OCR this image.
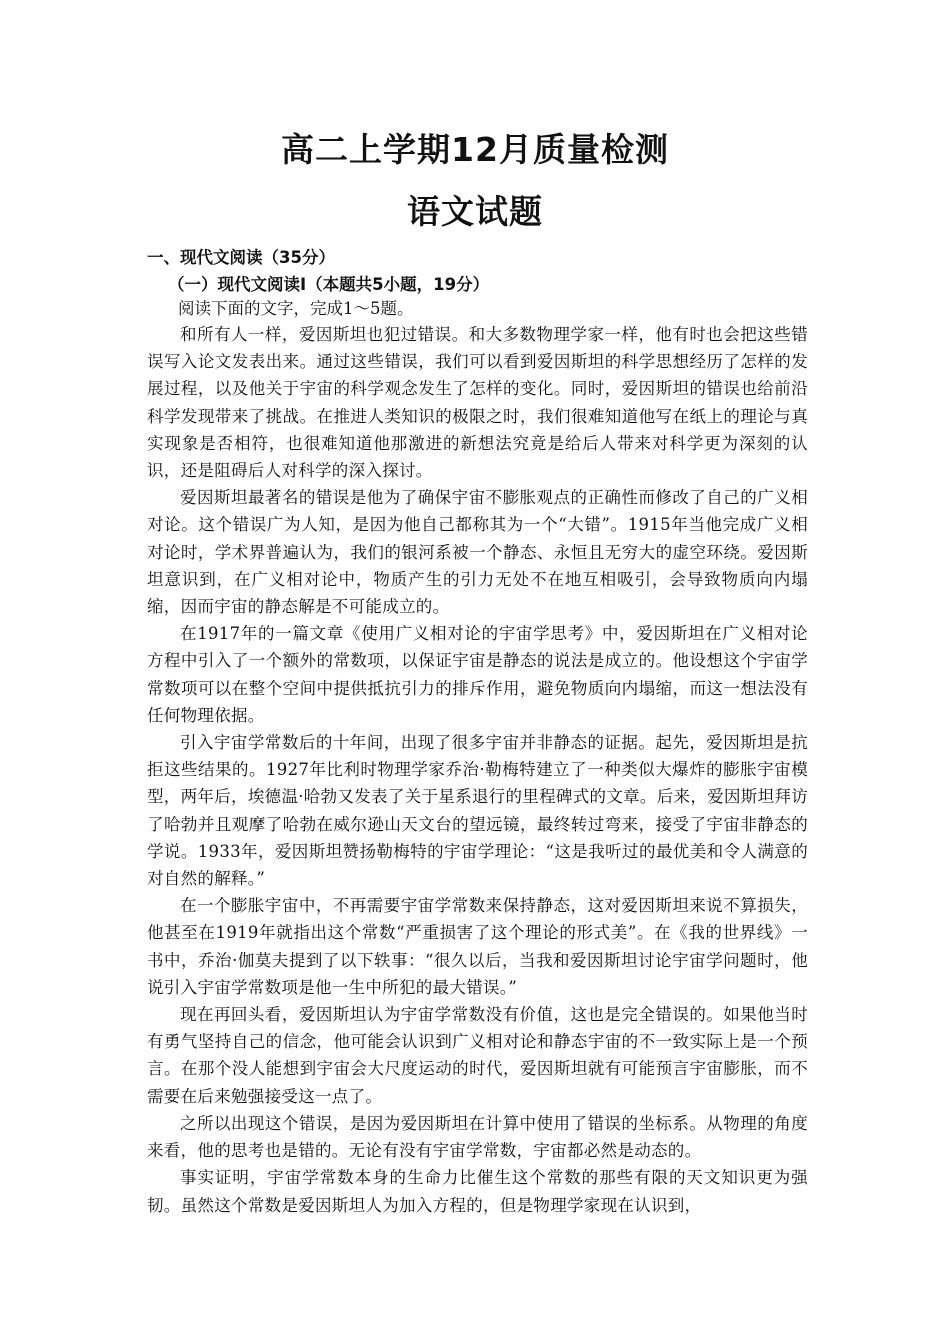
高二上学期12月质量检测
语文试题
一、现代文阅读（35分）
（一）现代文阅读Ⅰ（本题共5小题，19分）

阅读下面的文字，完成1～5题。

和所有人一样，爱因斯坦也犯过错误。和大多数物理学家一样，他有时也会把这些错误写入论文发表出来。通过这些错误，我们可以看到爱因斯坦的科学思想经历了怎样的发展过程，以及他关于宇宙的科学观念发生了怎样的变化。同时，爱因斯坦的错误也给前沿科学发现带来了挑战。在推进人类知识的极限之时，我们很难知道他写在纸上的理论与真实现象是否相符，也很难知道他那激进的新想法究竟是给后人带来对科学更为深刻的认识，还是阻碍后人对科学的深入探讨。

爱因斯坦最著名的错误是他为了确保宇宙不膨胀观点的正确性而修改了自己的广义相对论。这个错误广为人知，是因为他自己都称其为一个“大错”。1915年当他完成广义相对论时，学术界普遍认为，我们的银河系被一个静态、永恒且无穷大的虚空环绕。爱因斯坦意识到，在广义相对论中，物质产生的引力无处不在地互相吸引，会导致物质向内塌缩，因而宇宙的静态解是不可能成立的。

在1917年的一篇文章《使用广义相对论的宇宙学思考》中，爱因斯坦在广义相对论方程中引入了一个额外的常数项，以保证宇宙是静态的说法是成立的。他设想这个宇宙学常数项可以在整个空间中提供抵抗引力的排斥作用，避免物质向内塌缩，而这一想法没有任何物理依据。

引入宇宙学常数后的十年间，出现了很多宇宙并非静态的证据。起先，爱因斯坦是抗拒这些结果的。1927年比利时物理学家乔治·勒梅特建立了一种类似大爆炸的膨胀宇宙模型，两年后，埃德温·哈勃又发表了关于星系退行的里程碑式的文章。后来，爱因斯坦拜访了哈勃并且观摩了哈勃在威尔逊山天文台的望远镜，最终转过弯来，接受了宇宙非静态的学说。1933年，爱因斯坦赞扬勒梅特的宇宙学理论：“这是我听过的最优美和令人满意的对自然的解释。”

在一个膨胀宇宙中，不再需要宇宙学常数来保持静态，这对爱因斯坦来说不算损失，他甚至在1919年就指出这个常数“严重损害了这个理论的形式美”。在《我的世界线》一书中，乔治·伽莫夫提到了以下轶事：“很久以后，当我和爱因斯坦讨论宇宙学问题时，他说引入宇宙学常数项是他一生中所犯的最大错误。”

现在再回头看，爱因斯坦认为宇宙学常数没有价值，这也是完全错误的。如果他当时有勇气坚持自己的信念，他可能会认识到广义相对论和静态宇宙的不一致实际上是一个预言。在那个没人能想到宇宙会大尺度运动的时代，爱因斯坦就有可能预言宇宙膨胀，而不需要在后来勉强接受这一点了。

之所以出现这个错误，是因为爱因斯坦在计算中使用了错误的坐标系。从物理的角度来看，他的思考也是错的。无论有没有宇宙学常数，宇宙都必然是动态的。

事实证明，宇宙学常数本身的生命力比催生这个常数的那些有限的天文知识更为强韧。虽然这个常数是爱因斯坦人为加入方程的，但是物理学家现在认识到，
